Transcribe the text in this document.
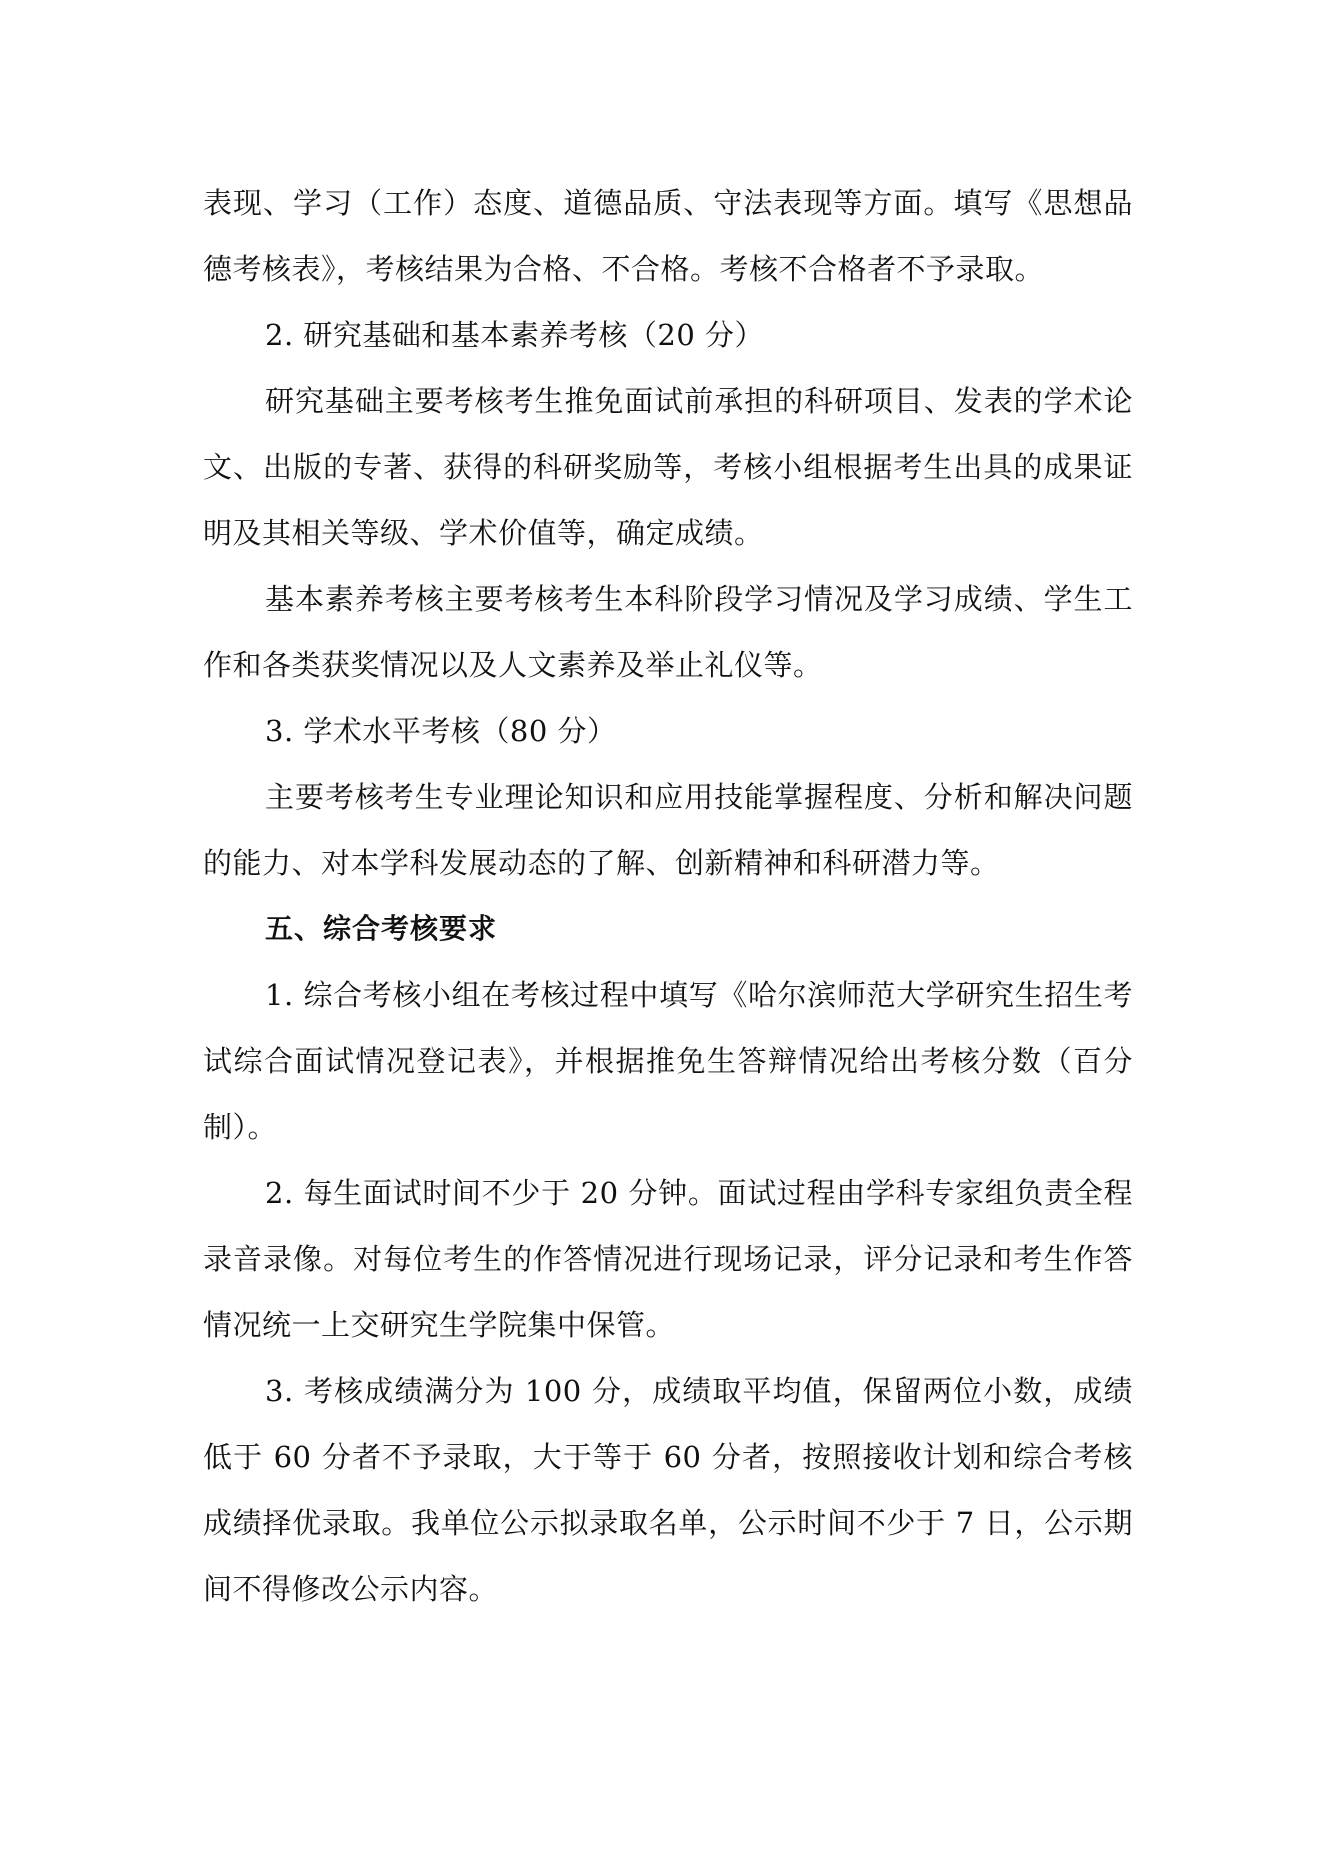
表现、学习（工作）态度、道德品质、守法表现等方面。填写《思想品德考核表》，考核结果为合格、不合格。考核不合格者不予录取。

2. 研究基础和基本素养考核（20 分）

研究基础主要考核考生推免面试前承担的科研项目、发表的学术论文、出版的专著、获得的科研奖励等，考核小组根据考生出具的成果证明及其相关等级、学术价值等，确定成绩。

基本素养考核主要考核考生本科阶段学习情况及学习成绩、学生工作和各类获奖情况以及人文素养及举止礼仪等。

3. 学术水平考核（80 分）

主要考核考生专业理论知识和应用技能掌握程度、分析和解决问题的能力、对本学科发展动态的了解、创新精神和科研潜力等。

五、综合考核要求

1. 综合考核小组在考核过程中填写《哈尔滨师范大学研究生招生考试综合面试情况登记表》，并根据推免生答辩情况给出考核分数（百分制）。

2. 每生面试时间不少于 20 分钟。面试过程由学科专家组负责全程录音录像。对每位考生的作答情况进行现场记录，评分记录和考生作答情况统一上交研究生学院集中保管。

3. 考核成绩满分为 100 分，成绩取平均值，保留两位小数，成绩低于 60 分者不予录取，大于等于 60 分者，按照接收计划和综合考核成绩择优录取。我单位公示拟录取名单，公示时间不少于 7 日，公示期间不得修改公示内容。
